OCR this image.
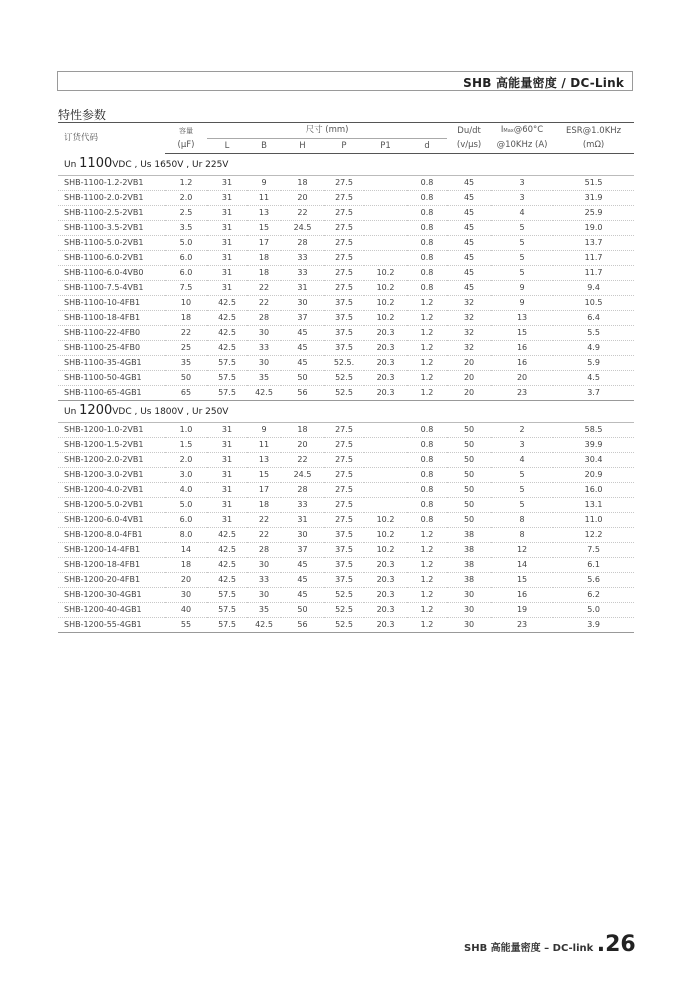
SHB 高能量密度 / DC-Link
特性参数
订货代码	容量	尺寸 (mm)						Du/dt	IMax@60°C	ESR@1.0KHz
	(μF)	L	B	H	P	P1	d	(v/μs)	@10KHz (A)	(mΩ)
Un 1100VDC , Us 1650V , Ur 225V										
SHB-1100-1.2-2VB1	1.2	31	9	18	27.5		0.8	45	3	51.5
SHB-1100-2.0-2VB1	2.0	31	11	20	27.5		0.8	45	3	31.9
SHB-1100-2.5-2VB1	2.5	31	13	22	27.5		0.8	45	4	25.9
SHB-1100-3.5-2VB1	3.5	31	15	24.5	27.5		0.8	45	5	19.0
SHB-1100-5.0-2VB1	5.0	31	17	28	27.5		0.8	45	5	13.7
SHB-1100-6.0-2VB1	6.0	31	18	33	27.5		0.8	45	5	11.7
SHB-1100-6.0-4VB0	6.0	31	18	33	27.5	10.2	0.8	45	5	11.7
SHB-1100-7.5-4VB1	7.5	31	22	31	27.5	10.2	0.8	45	9	9.4
SHB-1100-10-4FB1	10	42.5	22	30	37.5	10.2	1.2	32	9	10.5
SHB-1100-18-4FB1	18	42.5	28	37	37.5	10.2	1.2	32	13	6.4
SHB-1100-22-4FB0	22	42.5	30	45	37.5	20.3	1.2	32	15	5.5
SHB-1100-25-4FB0	25	42.5	33	45	37.5	20.3	1.2	32	16	4.9
SHB-1100-35-4GB1	35	57.5	30	45	52.5.	20.3	1.2	20	16	5.9
SHB-1100-50-4GB1	50	57.5	35	50	52.5	20.3	1.2	20	20	4.5
SHB-1100-65-4GB1	65	57.5	42.5	56	52.5	20.3	1.2	20	23	3.7
Un 1200VDC , Us 1800V , Ur 250V										
SHB-1200-1.0-2VB1	1.0	31	9	18	27.5		0.8	50	2	58.5
SHB-1200-1.5-2VB1	1.5	31	11	20	27.5		0.8	50	3	39.9
SHB-1200-2.0-2VB1	2.0	31	13	22	27.5		0.8	50	4	30.4
SHB-1200-3.0-2VB1	3.0	31	15	24.5	27.5		0.8	50	5	20.9
SHB-1200-4.0-2VB1	4.0	31	17	28	27.5		0.8	50	5	16.0
SHB-1200-5.0-2VB1	5.0	31	18	33	27.5		0.8	50	5	13.1
SHB-1200-6.0-4VB1	6.0	31	22	31	27.5	10.2	0.8	50	8	11.0
SHB-1200-8.0-4FB1	8.0	42.5	22	30	37.5	10.2	1.2	38	8	12.2
SHB-1200-14-4FB1	14	42.5	28	37	37.5	10.2	1.2	38	12	7.5
SHB-1200-18-4FB1	18	42.5	30	45	37.5	20.3	1.2	38	14	6.1
SHB-1200-20-4FB1	20	42.5	33	45	37.5	20.3	1.2	38	15	5.6
SHB-1200-30-4GB1	30	57.5	30	45	52.5	20.3	1.2	30	16	6.2
SHB-1200-40-4GB1	40	57.5	35	50	52.5	20.3	1.2	30	19	5.0
SHB-1200-55-4GB1	55	57.5	42.5	56	52.5	20.3	1.2	30	23	3.9
SHB 高能量密度 – DC-link .26
